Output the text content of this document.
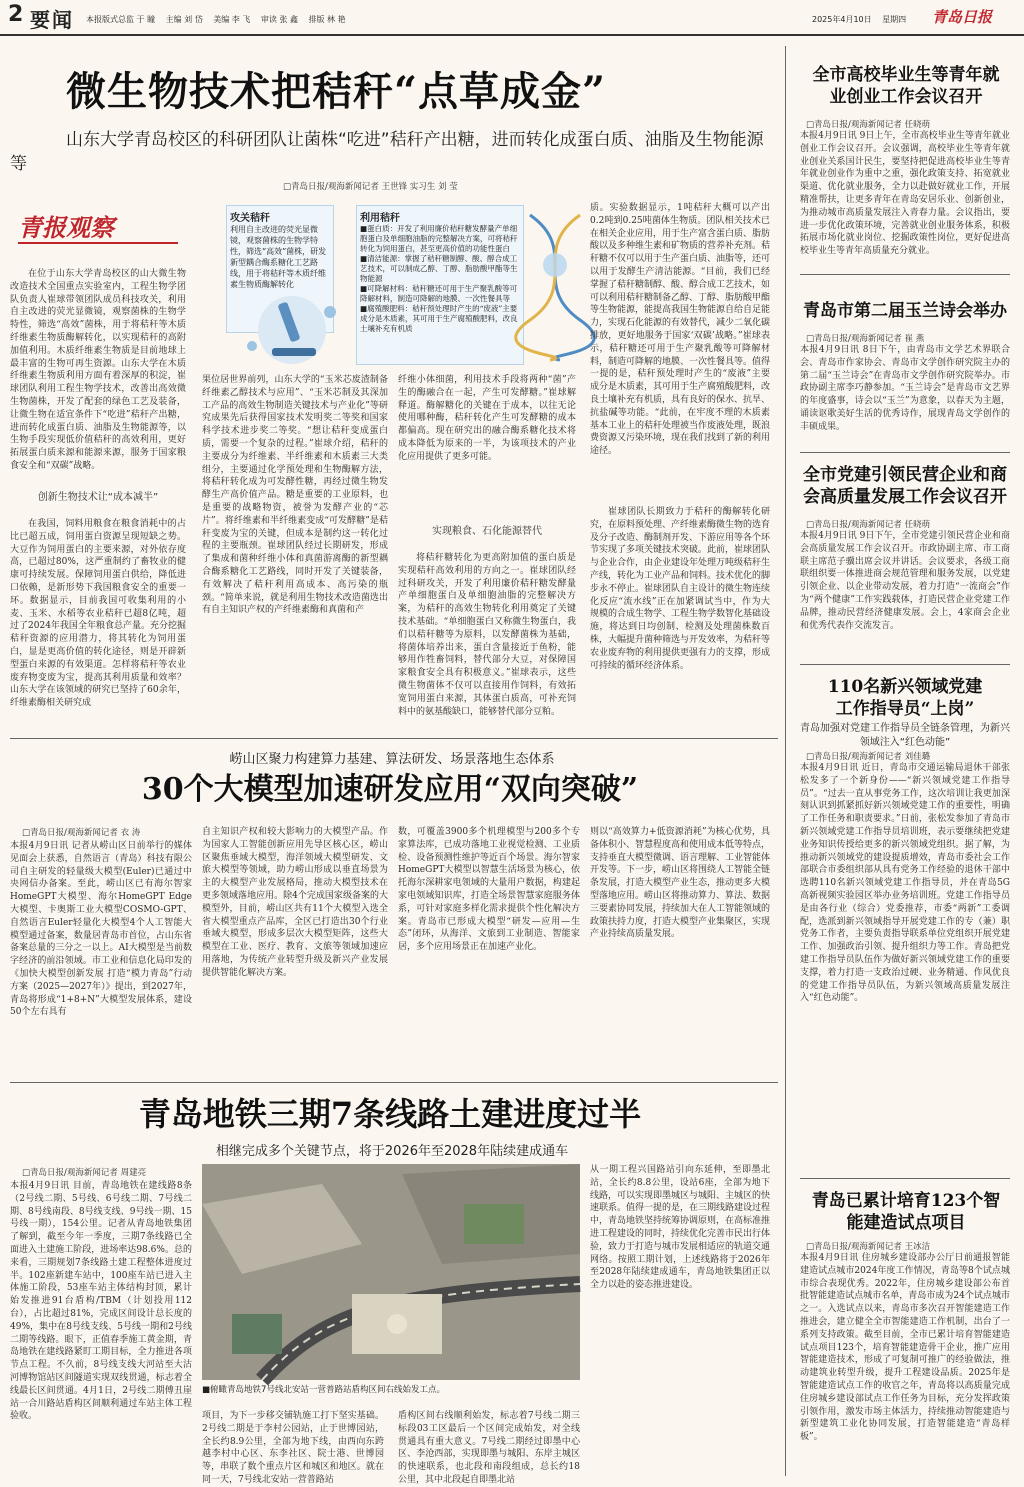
2 要闻 本报版式总监 于 瞳 　主编 刘 岱 　美编 李 飞 　审读 张 鑫 　排版 林 艳	2025年4月10日 　星期四 青岛日报
微生物技术把秸秆“点草成金”
山东大学青岛校区的科研团队让菌株“吃进”秸秆产出糖，进而转化成蛋白质、油脂及生物能源等
□青岛日报/观海新闻记者 王世锋 实习生 刘 莹
青报观察	攻关秸秆
利用自主改进的荧光显微镜，观察菌株的生物学特性，筛选“高效”菌株，研发新型耦合酶系糖化工艺路线，用于将秸秆等木质纤维素生物质酶解转化
利用秸秆
■蛋白质：开发了利用廉价秸秆糖发酵量产单细胞蛋白及单细胞油脂的完整解决方案，可将秸秆转化为饲用蛋白，甚至更高价值的功能性蛋白
■清洁能源：掌握了秸秆糖制酵、酸、醇合成工艺技术，可以制成乙醇、丁醇、脂肪酸甲酯等生物能源
■可降解材料：秸秆糖还可用于生产聚乳酸等可降解材料，制造可降解的地膜、一次性餐具等
■腐殖酸肥料：秸秆预处理时产生的“废液”主要成分是木质素，其可用于生产腐殖酸肥料，改良土壤补充有机质
在位于山东大学青岛校区的山大微生物改造技术全国重点实验室内，工程生物学团队负责人崔球带领团队成员科技攻关，利用自主改进的荧光显微镜，观察菌株的生物学特性，筛选“高效”菌株，用于将秸秆等木质纤维素生物质酶解转化，以实现秸秆的高附加值利用。木质纤维素生物质是目前地球上最丰富的生物可再生资源。山东大学在木质纤维素生物质利用方面有着深厚的积淀，崔球团队利用工程生物学技术，改善出高效微生物菌株，开发了配套的绿色工艺及装备，让微生物在适宜条件下“吃进”秸秆产出糖，进而转化成蛋白质、油脂及生物能源等，以生物手段实现低价值秸秆的高效利用，更好拓展蛋白质来源和能源来源，服务于国家粮食安全和“双碳”战略。
创新生物技术让“成本减半”
在我国，饲料用粮食在粮食消耗中的占比已超五成，饲用蛋白资源呈现短缺之势。大豆作为饲用蛋白的主要来源，对外依存度高，已超过80%，这严重制约了畜牧业的健康可持续发展。保障饲用蛋白供给，降低进口依赖，是新形势下我国粮食安全的重要一环。数据显示，目前我国可收集利用的小麦、玉米、水稻等农业秸秆已超8亿吨，超过了2024年我国全年粮食总产量。充分挖掘秸秆资源的应用潜力，将其转化为饲用蛋白，显是更高价值的转化途径，则是开辟新型蛋白来源的有效渠道。怎样将秸秆等农业废弃物变废为宝，提高其利用质量和效率？山东大学在该领域的研究已坚持了60余年，纤维素酶相关研究成
果位居世界前列，山东大学的“玉米芯废渣制备纤维素乙醇技术与应用”、“玉米芯制及其深加工产品的高效生物制造关键技术与产业化”等研究成果先后获得国家技术发明奖二等奖和国家科学技术进步奖二等奖。“想让秸秆变成蛋白质，需要一个复杂的过程。”崔球介绍，秸秆的主要成分为纤维素、半纤维素和木质素三大类组分，主要通过化学预处理和生物酶解方法，将秸秆转化成为可发酵性糖，再经过微生物发酵生产高价值产品。糖是重要的工业原料，也是重要的战略物资，被誉为发酵产业的“芯片”。将纤维素和半纤维素变成“可发酵糖”是秸秆变废为宝的关键，但成本是制约这一转化过程的主要瓶颈。崔球团队经过长期研发，形成了集成和菌种纤维小体和真菌游离酶的新型耦合酶系糖化工艺路线，同时开发了关键装备，有效解决了秸秆利用高成本、高污染的瓶颈。“简单来说，就是利用生物技术改造菌选出有自主知识产权的产纤维素酶和真菌和产
纤维小体细菌，利用技术手段将两种“菌”产生的酶融合在一起，产生可发酵糖。”崔球解释道。酶解糖化的关键在于成本，以往无论使用哪种酶，秸秆转化产生可发酵糖的成本都偏高。现在研究出的融合酶系糖化技术将成本降低为原来的一半，为该项技术的产业化应用提供了更多可能。
实现粮食、石化能源替代
将秸秆糖转化为更高附加值的蛋白质是实现秸秆高效利用的方向之一。崔球团队经过科研攻关，开发了利用廉价秸秆糖发酵量产单细胞蛋白及单细胞油脂的完整解决方案，为秸秆的高效生物转化利用奠定了关键技术基础。“单细胞蛋白又称微生物蛋白，我们以秸秆糖等为原料，以发酵菌株为基础，将菌体培养出来，蛋白含量接近于鱼粉，能够用作牲畜饲料，替代部分大豆，对保障国家粮食安全具有积极意义。”崔球表示，这些微生物菌体不仅可以直接用作饲料，有效拓宽饲用蛋白来源，其体蛋白质高，可补充饲料中的氨基酸缺口，能够替代部分豆粕。
质。实验数据显示，1吨秸秆大概可以产出0.2吨到0.25吨菌体生物质。团队相关技术已在相关企业应用，用于生产富含蛋白质、脂肪酸以及多种维生素和矿物质的营养补充剂。秸秆糖不仅可以用于生产蛋白质、油脂等，还可以用于发酵生产清洁能源。“目前，我们已经掌握了秸秆糖制醇、酸、醇合成工艺技术，如可以利用秸秆糖制备乙醇、丁醇、脂肪酸甲酯等生物能源，能提高我国生物能源自给自足能力，实现石化能源的有效替代，减少二氧化碳排放，更好地服务于国家‘双碳’战略。”崔球表示，秸秆糖还可用于生产聚乳酸等可降解材料，制造可降解的地膜、一次性餐具等。值得一提的是，秸秆预处理时产生的“废液”主要成分是木质素，其可用于生产腐殖酸肥料，改良土壤补充有机质，具有良好的保水、抗旱、抗盐碱等功能。“此前，在牢度不理的木质素基本工业上的秸秆处理被当作废液处理，既浪费资源又污染环境，现在我们找到了新的利用途径。
崔球团队长期致力于秸秆的酶解转化研究，在原料预处理、产纤维素酶微生物的选育及分子改造、酶制剂开发、下游应用等各个环节实现了多项关键技术突破。此前，崔球团队与企业合作，由企业建设年处理万吨级秸秆生产线，转化为工业产品和饲料。技术优化的脚步永不停止。崔球团队自主设计的微生物连续化反应“流水线”正在加紧调试当中，作为大规模的合成生物学、工程生物学数智化基础设施，将达到日均创制、检测及处理菌株数百株，大幅提升菌种筛选与开发效率，为秸秆等农业废弃物的利用提供更强有力的支撑，形成可持续的循环经济体系。
崂山区聚力构建算力基建、算法研发、场景落地生态体系
30个大模型加速研发应用“双向突破”
□青岛日报/观海新闻记者 衣 涛
本报4月9日讯 记者从崂山区日前举行的媒体见面会上获悉，自然语言（青岛）科技有限公司自主研发的轻量级大模型(Euler)已通过中央网信办备案。至此，崂山区已有海尔智家HomeGPT大模型、海尔HomeGPT Edge大模型、卡奥斯工业大模型COSMO-GPT、自然语言Euler轻量化大模型4个人工智能大模型通过备案，数量居青岛市首位，占山东省备案总量的三分之一以上。AI大模型是当前数字经济的前沿领域。市工业和信息化局印发的《加快大模型创新发展 打造“模力青岛”行动方案（2025—2027年）》提出，到2027年，青岛将形成“1+8+N”大模型发展体系，建设50个左右具有
自主知识产权和较大影响力的大模型产品。作为国家人工智能创新应用先导区核心区，崂山区聚焦垂域大模型，海洋领域大模型研发、文旅大模型等领域，助力崂山形成以垂直场景为主的大模型产业发展格局，推动大模型技术在更多领域落地应用。除4个完成国家级备案的大模型外，目前，崂山区共有11个大模型入选全省大模型重点产品库，全区已打造出30个行业垂域大模型，形成多层次大模型矩阵，这些大模型在工业、医疗、教育、文旅等领域加速应用落地，为传统产业转型升级及新兴产业发展提供智能化解决方案。
数，可覆盖3900多个机理模型与200多个专家算法库，已成功落地工业视觉检测、工业质检、设备预测性维护等近百个场景。海尔智家HomeGPT大模型以智慧生活场景为核心，依托海尔深耕家电领域的大量用户数据，构建起家电领域知识库，打造全场景智慧家庭服务体系，可针对家庭多样化需求提供个性化解决方案。青岛市已形成大模型“研发—应用—生态”闭环，从海洋、文旅到工业制造、智能家居，多个应用场景正在加速产业化。
则以“高效算力+低资源消耗”为核心优势，具备体积小、智慧程度高和使用成本低等特点，支持垂直大模型微调、语言理解、工业智能体开发等。下一步，崂山区将围绕人工智能全链条发展，打造大模型产业生态，推动更多大模型落地应用。崂山区将推动算力、算法、数据三要素协同发展，持续加大在人工智能领域的政策扶持力度，打造大模型产业集聚区，实现产业持续高质量发展。
青岛地铁三期7条线路土建进度过半
相继完成多个关键节点，将于2026年至2028年陆续建成通车
□青岛日报/观海新闻记者 周建亮
本报4月9日讯 目前，青岛地铁在建线路8条（2号线二期、5号线、6号线二期、7号线二期、8号线南段、8号线支线、9号线一期、15号线一期），154公里。记者从青岛地铁集团了解到，截至今年一季度，三期7条线路已全面进入土建施工阶段，进场率达98.6%。总的来看，三期规划7条线路土建工程整体进度过半。102座新建车站中，100座车站已进入主体施工阶段，53座车站主体结构封顶，累计始发推进91台盾构/TBM（计划投用112台），占比超过81%，完成区间设计总长度的49%，集中在8号线支线、5号线一期和2号线二期等线路。眼下，正值春季施工黄金期，青岛地铁在建线路紧盯工期目标，全力推进各项节点工程。不久前，8号线支线大河站至大沽河博物馆站区间隧道实现双线贯通，标志着全线最长区间贯通。4月1日，2号线二期傅丑崖站一合川路站盾构区间顺利通过车站主体工程验收。
■俯瞰青岛地铁7号线北安站一营普路站盾构区间右线始发工点。
项目，为下一步移交铺轨施工打下坚实基础。2号线二期是于李村公园站，止于世博园站，全长约8.9公里，全部为地下线，由西向东跨越李村中心区、东李社区、院士港、世博园等，串联了数个重点片区和城区和地区。就在同一天，7号线北安站一营普路站
盾构区间右线顺利始发，标志着7号线二期三标段03工区最后一个区间完成始发，对全线贯通具有重大意义。7号线二期经过即墨中心区、李沧西部，实现即墨与城阳、东岸主城区的快速联系，也北段和南段组成，总长约18公里，其中北段起自即墨北站
从一期工程兴国路站引向东延伸，至即墨北站，全长约8.8公里，设站6座，全部为地下线路，可以实现即墨城区与城阳、主城区的快速联系。值得一提的是，在三期线路建设过程中，青岛地铁坚持统筹协调原则，在高标准推进工程建设的同时，持续优化完善市民出行体验，致力于打造与城市发展相适应的轨道交通网络。按照工期计划，上述线路将于2026年至2028年陆续建成通车，青岛地铁集团正以全力以赴的姿态推进建设。
全市高校毕业生等青年就业创业工作会议召开
□青岛日报/观海新闻记者 任晓萌
本报4月9日讯 9日上午，全市高校毕业生等青年就业创业工作会议召开。会议强调，高校毕业生等青年就业创业关系国计民生，要坚持把促进高校毕业生等青年就业创业作为重中之重，强化政策支持、拓宽就业渠道、优化就业服务，全力以赴做好就业工作，开展精准帮扶，让更多青年在青岛安居乐业、创新创业，为推动城市高质量发展注入青春力量。会议指出，要进一步优化政策环境，完善就业创业服务体系，积极拓展市场化就业岗位、挖掘政策性岗位，更好促进高校毕业生等青年高质量充分就业。
青岛市第二届玉兰诗会举办
□青岛日报/观海新闻记者 崔 燕
本报4月9日讯 8日下午，由青岛市文学艺术界联合会、青岛市作家协会、青岛市文学创作研究院主办的第二届“玉兰诗会”在青岛市文学创作研究院举办。市政协副主席李巧静参加。“玉兰诗会”是青岛市文艺界的年度盛事，诗会以“玉兰”为意象，以春天为主题，诵读讴歌美好生活的优秀诗作，展现青岛文学创作的丰硕成果。
全市党建引领民营企业和商会高质量发展工作会议召开
□青岛日报/观海新闻记者 任晓萌
本报4月9日讯 9日下午，全市党建引领民营企业和商会高质量发展工作会议召开。市政协副主席、市工商联主席范子骥出席会议并讲话。会议要求，各级工商联组织要一体推进商会规范管理和服务发展，以党建引领企业、以企业带动发展，着力打造“一流商会”作为“两个健康”工作实践载体，打造民营企业党建工作品牌，推动民营经济健康发展。会上，4家商会企业和优秀代表作交流发言。
110名新兴领域党建工作指导员“上岗”
青岛加强对党建工作指导员全链条管理，为新兴领域注入“红色动能”
□青岛日报/观海新闻记者 刘佳璐
本报4月9日讯 近日，青岛市交通运输局退休干部张松发多了一个新身份——“新兴领域党建工作指导员”。“过去一直从事党务工作，这次培训让我更加深刻认识到抓紧抓好新兴领域党建工作的重要性，明确了工作任务和职责要求。”日前，张松发参加了青岛市新兴领域党建工作指导员培训班，表示要继续把党建业务知识传授给更多的新兴领域党组织。据了解，为推动新兴领域党的建设提质增效，青岛市委社会工作部联合市委组织部从具有党务工作经验的退休干部中选聘110名新兴领域党建工作指导员，并在青岛5G高新视频实验园区举办业务培训班。党建工作指导员是由各行业（综合）党委推荐，市委“两新”工委调配，选派到新兴领域指导开展党建工作的专（兼）职党务工作者，主要负责指导联系单位党组织开展党建工作、加强政治引领、提升组织力等工作。青岛把党建工作指导员队伍作为做好新兴领域党建工作的重要支撑，着力打造一支政治过硬、业务精通、作风优良的党建工作指导员队伍，为新兴领域高质量发展注入“红色动能”。
青岛已累计培育123个智能建造试点项目
□青岛日报/观海新闻记者 王冰洁
本报4月9日讯 住房城乡建设部办公厅日前通报智能建造试点城市2024年度工作情况，青岛等8个试点城市综合表现优秀。2022年，住房城乡建设部公布首批智能建造试点城市名单，青岛市成为24个试点城市之一。入选试点以来，青岛市多次召开智能建造工作推进会，建立健全全市智能建造工作机制，出台了一系列支持政策。截至目前，全市已累计培育智能建造试点项目123个，培育智能建造骨干企业，推广应用智能建造技术，形成了可复制可推广的经验做法，推动建筑业转型升级，提升工程建设品质。2025年是智能建造试点工作的收官之年，青岛将以高质量完成住房城乡建设部试点工作任务为目标，充分发挥政策引领作用，激发市场主体活力，持续推动智能建造与新型建筑工业化协同发展，打造智能建造“青岛样板”。
